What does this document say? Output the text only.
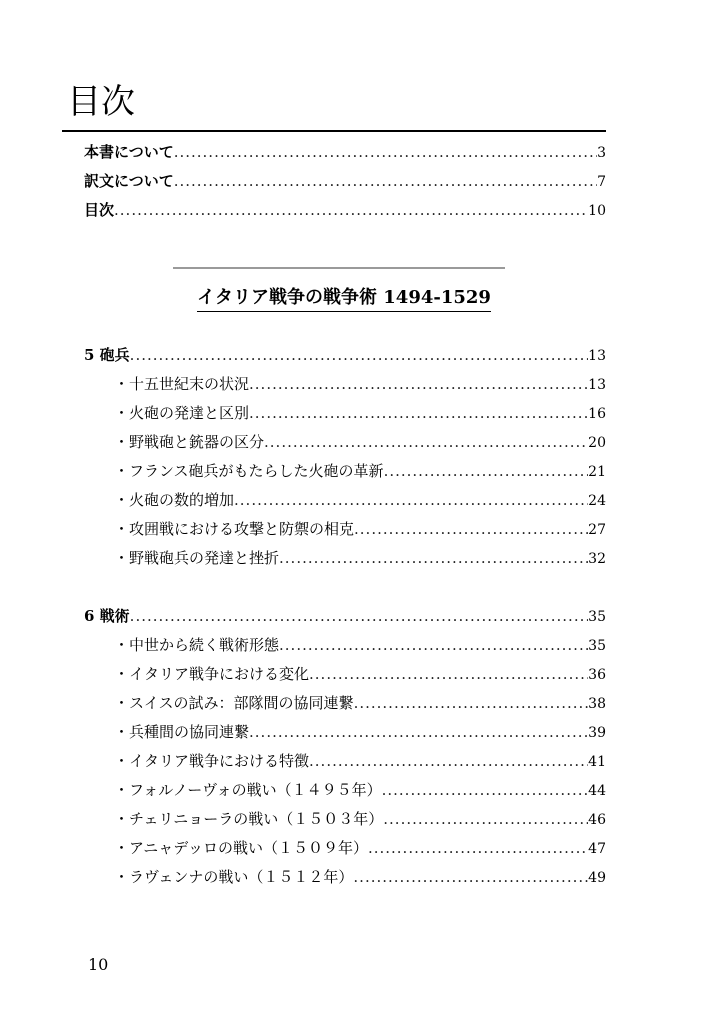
目次
本書について .....	3
訳文について .....	7
目次 .....	10
イタリア戦争の戦争術 1494-1529
5 砲兵 .....	13
・十五世紀末の状況 .....	13
・火砲の発達と区別 .....	16
・野戦砲と銃器の区分 .....	20
・フランス砲兵がもたらした火砲の革新 .....	21
・火砲の数的増加 .....	24
・攻囲戦における攻撃と防禦の相克 .....	27
・野戦砲兵の発達と挫折 .....	32
6 戦術 .....	35
・中世から続く戦術形態 .....	35
・イタリア戦争における変化 .....	36
・スイスの試み：部隊間の協同連繋 .....	38
・兵種間の協同連繋 .....	39
・イタリア戦争における特徴 .....	41
・フォルノーヴォの戦い（１４９５年） .....	44
・チェリニョーラの戦い（１５０３年） .....	46
・アニャデッロの戦い（１５０９年） .....	47
・ラヴェンナの戦い（１５１２年） .....	49
10
